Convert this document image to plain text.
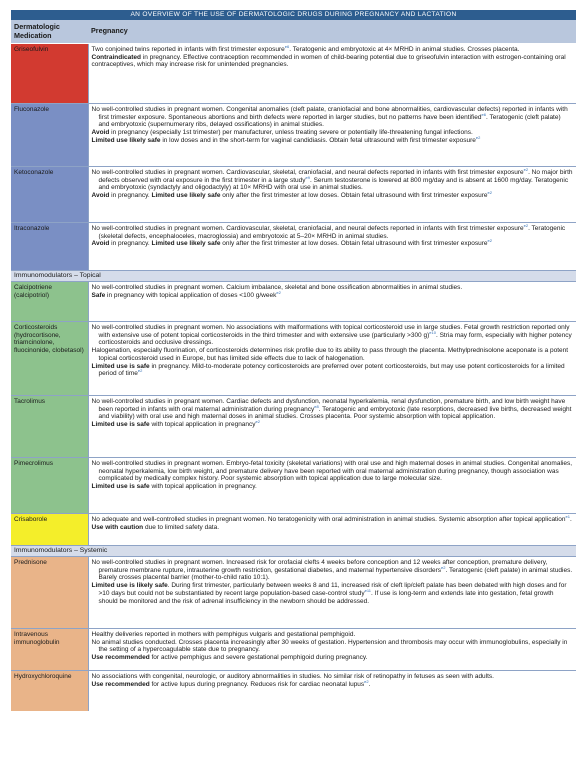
AN OVERVIEW OF THE USE OF DERMATOLOGIC DRUGS DURING PREGNANCY AND LACTATION
Dermatologic Medication	Pregnancy
Griseofulvin	Two conjoined twins reported in infants with first trimester exposure$^{e6}$. Teratogenic and embryotoxic at 4× MRHD in animal studies. Crosses placenta.

Contraindicated in pregnancy. Effective contraception recommended in women of child-bearing potential due to griseofulvin interaction with estrogen-containing oral contraceptives, which may increase risk for unintended pregnancies.

Fluconazole	No well-controlled studies in pregnant women. Congenital anomalies (cleft palate, craniofacial and bone abnormalities, cardiovascular defects) reported in infants with first trimester exposure. Spontaneous abortions and birth defects were reported in larger studies, but no patterns have been identified$^{e6}$. Teratogenic (cleft palate) and embryotoxic (supernumerary ribs, delayed ossifications) in animal studies.

Avoid in pregnancy (especially 1st trimester) per manufacturer, unless treating severe or potentially life-threatening fungal infections.

Limited use likely safe in low doses and in the short-term for vaginal candidiasis. Obtain fetal ultrasound with first trimester exposure$^{e2}$

Ketoconazole	No well-controlled studies in pregnant women. Cardiovascular, skeletal, craniofacial, and neural defects reported in infants with first trimester exposure$^{e2}$. No major birth defects observed with oral exposure in the first trimester in a large study$^{e9}$. Serum testosterone is lowered at 800 mg/day and is absent at 1600 mg/day. Teratogenic and embryotoxic (syndactyly and oligodactyly) at 10× MRHD with oral use in animal studies.

Avoid in pregnancy. Limited use likely safe only after the first trimester at low doses. Obtain fetal ultrasound with first trimester exposure$^{e2}$

Itraconazole	No well-controlled studies in pregnant women. Cardiovascular, skeletal, craniofacial, and neural defects reported in infants with first trimester exposure$^{e2}$. Teratogenic (skeletal defects, encephaloceles, macroglossia) and embryotoxic at 5–20× MRHD in animal studies.

Avoid in pregnancy. Limited use likely safe only after the first trimester at low doses. Obtain fetal ultrasound with first trimester exposure$^{e2}$

Immunomodulators – Topical	
Calcipotriene (calcipotriol)	No well-controlled studies in pregnant women. Calcium imbalance, skeletal and bone ossification abnormalities in animal studies.

Safe in pregnancy with topical application of doses <100 g/week$^{e2}$

Corticosteroids (hydrocortisone, triamcinolone, fluocinonide, clobetasol)	No well-controlled studies in pregnant women. No associations with malformations with topical corticosteroid use in large studies. Fetal growth restriction reported only with extensive use of potent topical corticosteroids in the third trimester and with extensive use (particularly >300 g)$^{e10}$. Stria may form, especially with higher potency corticosteroids and occlusive dressings.

Halogenation, especially fluorination, of corticosteroids determines risk profile due to its ability to pass through the placenta. Methylprednisolone aceponate is a potent topical corticosteroid used in Europe, but has limited side effects due to lack of halogenation.

Limited use is safe in pregnancy. Mild-to-moderate potency corticosteroids are preferred over potent corticosteroids, but may use potent corticosteroids for a limited period of time$^{e2}$

Tacrolimus	No well-controlled studies in pregnant women. Cardiac defects and dysfunction, neonatal hyperkalemia, renal dysfunction, premature birth, and low birth weight have been reported in infants with oral maternal administration during pregnancy$^{e8}$. Teratogenic and embryotoxic (late resorptions, decreased live births, decreased weight and viability) with oral use and high maternal doses in animal studies. Crosses placenta. Poor systemic absorption with topical application.

Limited use is safe with topical application in pregnancy$^{e2}$

Pimecrolimus	No well-controlled studies in pregnant women. Embryo-fetal toxicity (skeletal variations) with oral use and high maternal doses in animal studies. Congenital anomalies, neonatal hyperkalemia, low birth weight, and premature delivery have been reported with oral maternal administration during pregnancy, though association was complicated by medically complex history. Poor systemic absorption with topical application due to large molecular size.

Limited use is safe with topical application in pregnancy.

Crisaborole	No adequate and well-controlled studies in pregnant women. No teratogenicity with oral administration in animal studies. Systemic absorption after topical application$^{e1}$.

Use with caution due to limited safety data.

Immunomodulators – Systemic	
Prednisone	No well-controlled studies in pregnant women. Increased risk for orofacial clefts 4 weeks before conception and 12 weeks after conception, premature delivery, premature membrane rupture, intrauterine growth restriction, gestational diabetes, and maternal hypertensive disorders$^{e2}$. Teratogenic (cleft palate) in animal studies. Barely crosses placental barrier (mother-to-child ratio 10:1).

Limited use is likely safe. During first trimester, particularly between weeks 8 and 11, increased risk of cleft lip/cleft palate has been debated with high doses and for >10 days but could not be substantiated by recent large population-based case-control study$^{e11}$. If use is long-term and extends late into gestation, fetal growth should be monitored and the risk of adrenal insufficiency in the newborn should be addressed.

Intravenous immunoglobulin	Healthy deliveries reported in mothers with pemphigus vulgaris and gestational pemphigoid.

No animal studies conducted. Crosses placenta increasingly after 30 weeks of gestation. Hypertension and thrombosis may occur with immunoglobulins, especially in the setting of a hypercoagulable state due to pregnancy.

Use recommended for active pemphigus and severe gestational pemphigoid during pregnancy.

Hydroxychloroquine	No associations with congenital, neurologic, or auditory abnormalities in studies. No similar risk of retinopathy in fetuses as seen with adults.

Use recommended for active lupus during pregnancy. Reduces risk for cardiac neonatal lupus$^{e2}$.
